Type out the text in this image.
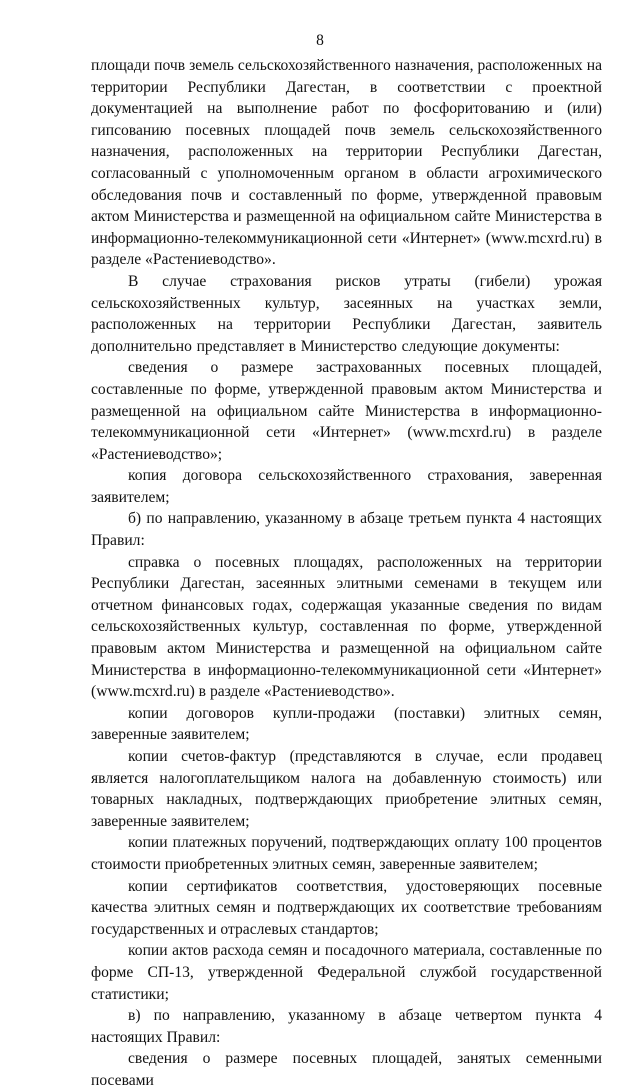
8

площади почв земель сельскохозяйственного назначения, расположенных на территории Республики Дагестан, в соответствии с проектной документацией на выполнение работ по фосфоритованию и (или) гипсованию посевных площадей почв земель сельскохозяйственного назначения, расположенных на территории Республики Дагестан, согласованный с уполномоченным органом в области агрохимического обследования почв и составленный по форме, утвержденной правовым актом Министерства и размещенной на официальном сайте Министерства в информационно-телекоммуникационной сети «Интернет» (www.mcxrd.ru) в разделе «Растениеводство».

В случае страхования рисков утраты (гибели) урожая сельскохозяйственных культур, засеянных на участках земли, расположенных на территории Республики Дагестан, заявитель дополнительно представляет в Министерство следующие документы:

сведения о размере застрахованных посевных площадей, составленные по форме, утвержденной правовым актом Министерства и размещенной на официальном сайте Министерства в информационно-телекоммуникационной сети «Интернет» (www.mcxrd.ru) в разделе «Растениеводство»;

копия договора сельскохозяйственного страхования, заверенная заявителем;

б) по направлению, указанному в абзаце третьем пункта 4 настоящих Правил:

справка о посевных площадях, расположенных на территории Республики Дагестан, засеянных элитными семенами в текущем или отчетном финансовых годах, содержащая указанные сведения по видам сельскохозяйственных культур, составленная по форме, утвержденной правовым актом Министерства и размещенной на официальном сайте Министерства в информационно-телекоммуникационной сети «Интернет» (www.mcxrd.ru) в разделе «Растениеводство».

копии договоров купли-продажи (поставки) элитных семян, заверенные заявителем;

копии счетов-фактур (представляются в случае, если продавец является налогоплательщиком налога на добавленную стоимость) или товарных накладных, подтверждающих приобретение элитных семян, заверенные заявителем;

копии платежных поручений, подтверждающих оплату 100 процентов стоимости приобретенных элитных семян, заверенные заявителем;

копии сертификатов соответствия, удостоверяющих посевные качества элитных семян и подтверждающих их соответствие требованиям государственных и отраслевых стандартов;

копии актов расхода семян и посадочного материала, составленные по форме СП-13, утвержденной Федеральной службой государственной статистики;

в) по направлению, указанному в абзаце четвертом пункта 4 настоящих Правил:

сведения о размере посевных площадей, занятых семенными посевами
